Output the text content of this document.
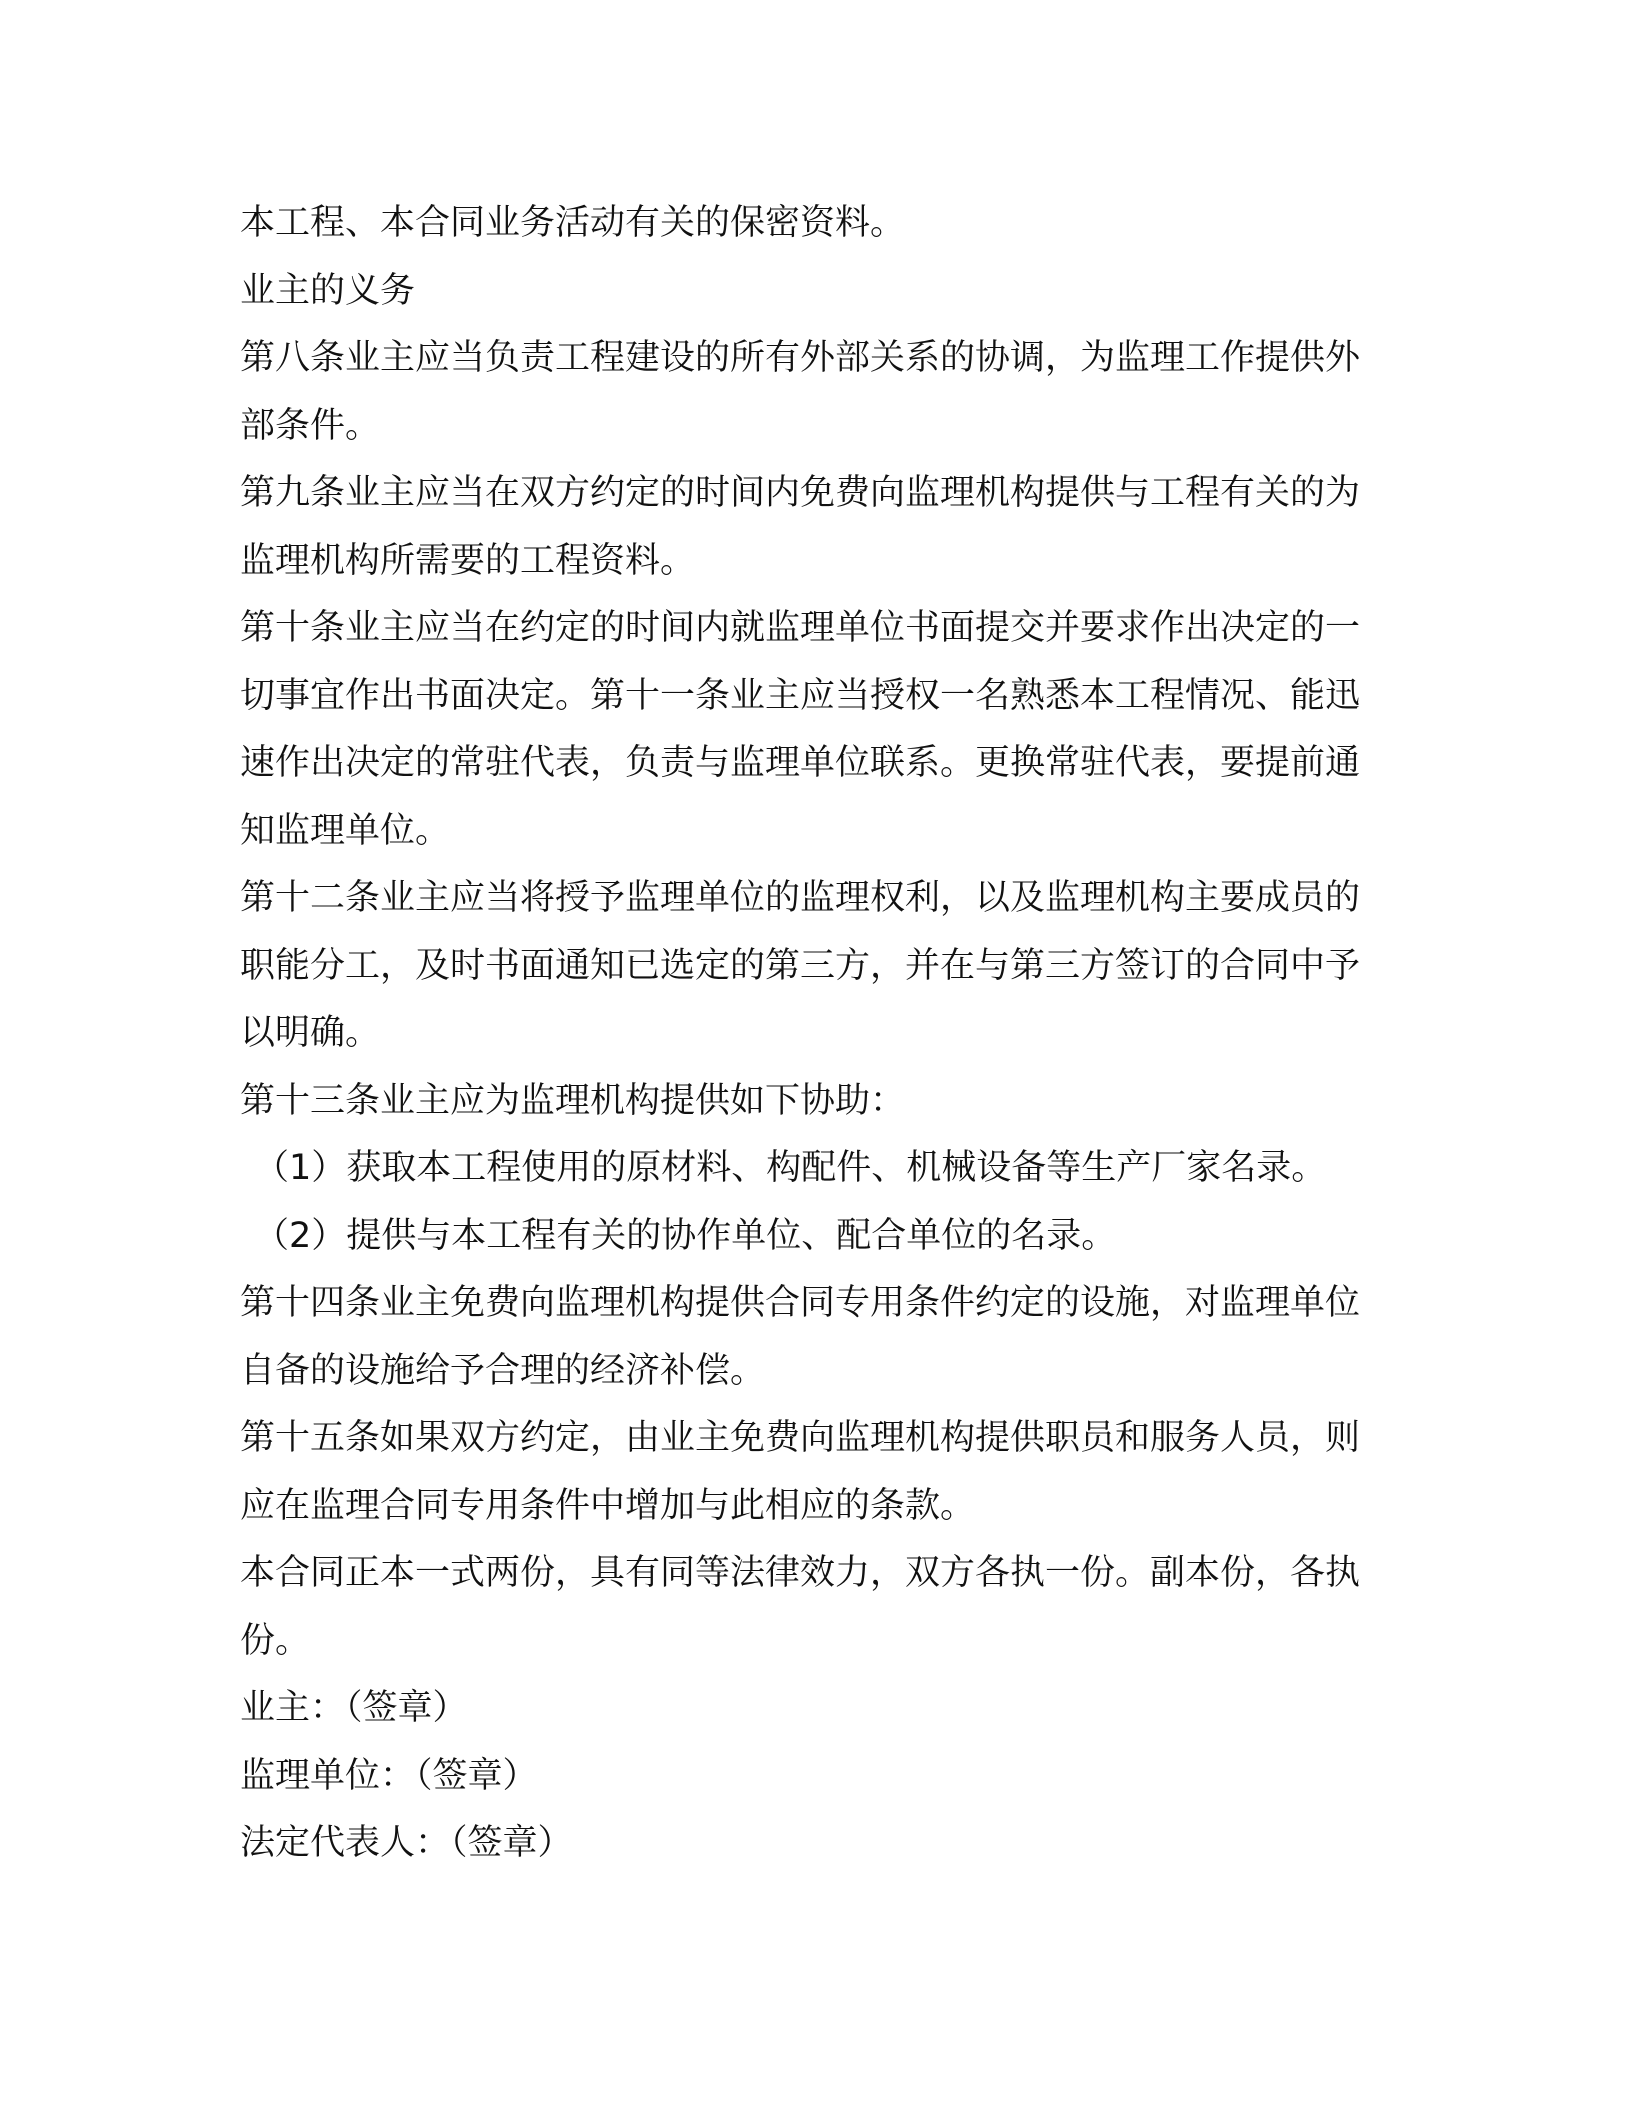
本工程、本合同业务活动有关的保密资料。

业主的义务

第八条业主应当负责工程建设的所有外部关系的协调，为监理工作提供外部条件。

第九条业主应当在双方约定的时间内免费向监理机构提供与工程有关的为监理机构所需要的工程资料。

第十条业主应当在约定的时间内就监理单位书面提交并要求作出决定的一切事宜作出书面决定。第十一条业主应当授权一名熟悉本工程情况、能迅速作出决定的常驻代表，负责与监理单位联系。更换常驻代表，要提前通知监理单位。

第十二条业主应当将授予监理单位的监理权利，以及监理机构主要成员的职能分工，及时书面通知已选定的第三方，并在与第三方签订的合同中予以明确。

第十三条业主应为监理机构提供如下协助：

（1）获取本工程使用的原材料、构配件、机械设备等生产厂家名录。

（2）提供与本工程有关的协作单位、配合单位的名录。

第十四条业主免费向监理机构提供合同专用条件约定的设施，对监理单位自备的设施给予合理的经济补偿。

第十五条如果双方约定，由业主免费向监理机构提供职员和服务人员，则应在监理合同专用条件中增加与此相应的条款。

本合同正本一式两份，具有同等法律效力，双方各执一份。副本份，各执份。

业主：（签章）

监理单位：（签章）

法定代表人：（签章）
